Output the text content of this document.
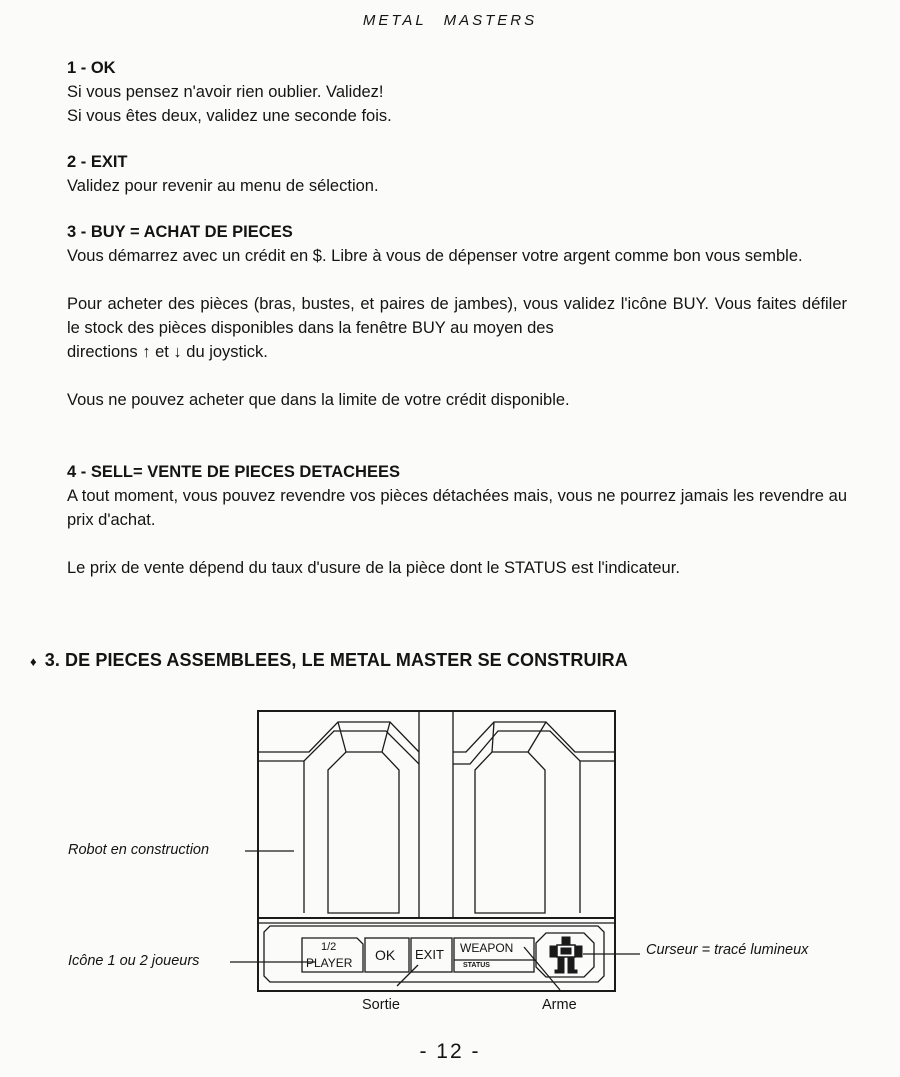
METAL MASTERS
1 - OK

Si vous pensez n'avoir rien oublier. Validez!

Si vous êtes deux, validez une seconde fois.

2 - EXIT

Validez pour revenir au menu de sélection.

3 - BUY = ACHAT DE PIECES

Vous démarrez avec un crédit en $. Libre à vous de dépenser votre argent comme bon vous semble.

Pour acheter des pièces (bras, bustes, et paires de jambes), vous validez l'icône BUY. Vous faites défiler le stock des pièces disponibles dans la fenêtre BUY au moyen des

directions ↑ et ↓ du joystick.

Vous ne pouvez acheter que dans la limite de votre crédit disponible.

4 - SELL= VENTE DE PIECES DETACHEES

A tout moment, vous pouvez revendre vos pièces détachées mais, vous ne pourrez jamais les revendre au prix d'achat.

Le prix de vente dépend du taux d'usure de la pièce dont le STATUS est l'indicateur.

♦ 3. DE PIECES ASSEMBLEES, LE METAL MASTER SE CONSTRUIRA
1/2
PLAYER OK EXIT WEAPON
STATUS
Robot en construction
Icône 1 ou 2 joueurs
Curseur = tracé lumineux
Sortie	Arme
- 12 -
